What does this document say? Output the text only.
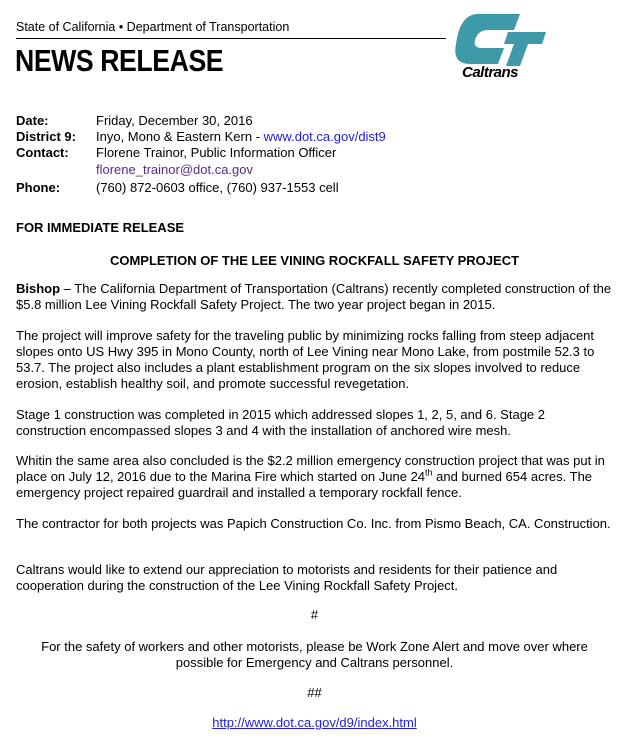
State of California • Department of Transportation
NEWS RELEASE	Caltrans
Date:	Friday, December 30, 2016
District 9: Inyo, Mono & Eastern Kern - www.dot.ca.gov/dist9
Contact: Florene Trainor, Public Information Officer
florene_trainor@dot.ca.gov
Phone:	(760) 872-0603 office, (760) 937-1553 cell
FOR IMMEDIATE RELEASE
COMPLETION OF THE LEE VINING ROCKFALL SAFETY PROJECT

Bishop – The California Department of Transportation (Caltrans) recently completed construction of the $5.8 million Lee Vining Rockfall Safety Project. The two year project began in 2015.

The project will improve safety for the traveling public by minimizing rocks falling from steep adjacent slopes onto US Hwy 395 in Mono County, north of Lee Vining near Mono Lake, from postmile 52.3 to 53.7. The project also includes a plant establishment program on the six slopes involved to reduce erosion, establish healthy soil, and promote successful revegetation.

Stage 1 construction was completed in 2015 which addressed slopes 1, 2, 5, and 6. Stage 2 construction encompassed slopes 3 and 4 with the installation of anchored wire mesh.

Whitin the same area also concluded is the $2.2 million emergency construction project that was put in place on July 12, 2016 due to the Marina Fire which started on June 24th and burned 654 acres. The emergency project repaired guardrail and installed a temporary rockfall fence.

The contractor for both projects was Papich Construction Co. Inc. from Pismo Beach, CA. Construction.

Caltrans would like to extend our appreciation to motorists and residents for their patience and cooperation during the construction of the Lee Vining Rockfall Safety Project.

#
For the safety of workers and other motorists, please be Work Zone Alert and move over where possible for Emergency and Caltrans personnel.
##
http://www.dot.ca.gov/d9/index.html
